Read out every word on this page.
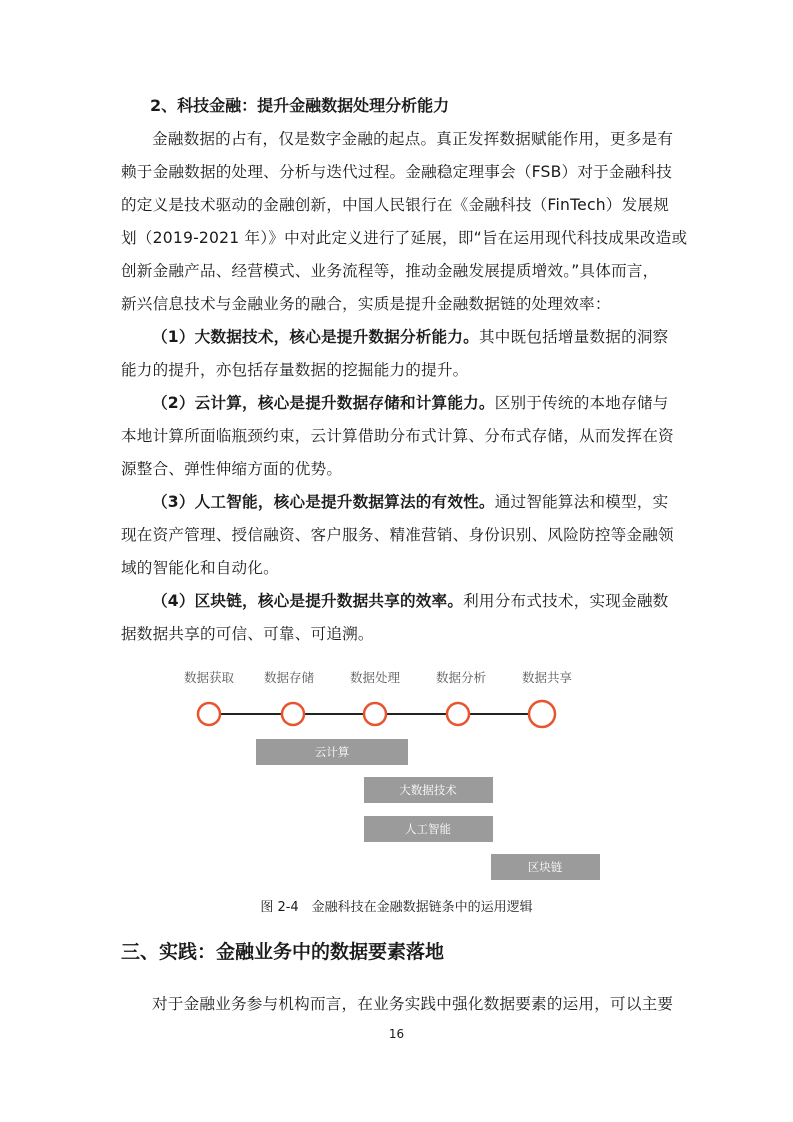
2、科技金融：提升金融数据处理分析能力
金融数据的占有，仅是数字金融的起点。真正发挥数据赋能作用，更多是有
赖于金融数据的处理、分析与迭代过程。金融稳定理事会（FSB）对于金融科技
的定义是技术驱动的金融创新，中国人民银行在《金融科技（FinTech）发展规
划（2019-2021 年）》中对此定义进行了延展，即“旨在运用现代科技成果改造或
创新金融产品、经营模式、业务流程等，推动金融发展提质增效。”具体而言，
新兴信息技术与金融业务的融合，实质是提升金融数据链的处理效率：
（1）大数据技术，核心是提升数据分析能力。其中既包括增量数据的洞察
能力的提升，亦包括存量数据的挖掘能力的提升。
（2）云计算，核心是提升数据存储和计算能力。区别于传统的本地存储与
本地计算所面临瓶颈约束，云计算借助分布式计算、分布式存储，从而发挥在资
源整合、弹性伸缩方面的优势。
（3）人工智能，核心是提升数据算法的有效性。通过智能算法和模型，实
现在资产管理、授信融资、客户服务、精准营销、身份识别、风险防控等金融领
域的智能化和自动化。
（4）区块链，核心是提升数据共享的效率。利用分布式技术，实现金融数
据数据共享的可信、可靠、可追溯。
数据获取 数据存储	数据处理	数据分析	数据共享
云计算
大数据技术
人工智能
区块链
图 2-4　金融科技在金融数据链条中的运用逻辑
三、实践：金融业务中的数据要素落地
对于金融业务参与机构而言，在业务实践中强化数据要素的运用，可以主要
16
